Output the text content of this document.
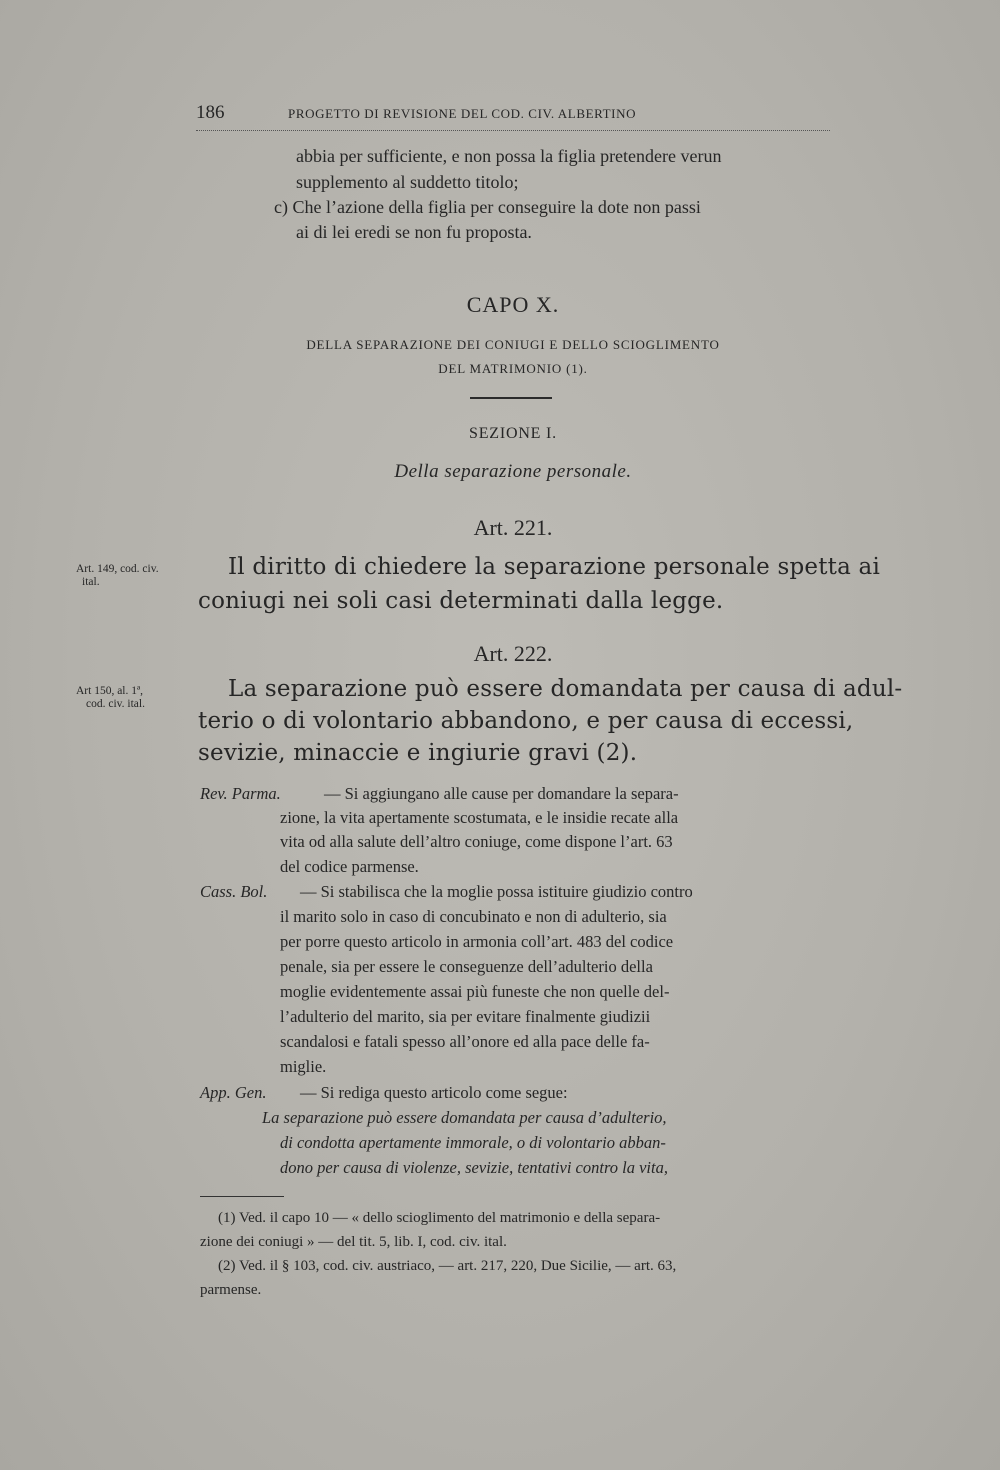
186	PROGETTO DI REVISIONE DEL COD. CIV. ALBERTINO
abbia per sufficiente, e non possa la figlia pretendere verun
supplemento al suddetto titolo;
c) Che l’azione della figlia per conseguire la dote non passi
ai di lei eredi se non fu proposta.
CAPO X.
DELLA SEPARAZIONE DEI CONIUGI E DELLO SCIOGLIMENTO
DEL MATRIMONIO (1).
SEZIONE I.
Della separazione personale.
Art. 221.
Art. 149, cod. civ.
ital.
Il diritto di chiedere la separazione personale spetta ai
coniugi nei soli casi determinati dalla legge.
Art. 222.
Art 150, al. 1ª,
cod. civ. ital.
La separazione può essere domandata per causa di adul-
terio o di volontario abbandono, e per causa di eccessi,
sevizie, minaccie e ingiurie gravi (2).
Rev. Parma.	— Si aggiungano alle cause per domandare la separa-
zione, la vita apertamente scostumata, e le insidie recate alla
vita od alla salute dell’altro coniuge, come dispone l’art. 63
del codice parmense.
Cass. Bol. — Si stabilisca che la moglie possa istituire giudizio contro
il marito solo in caso di concubinato e non di adulterio, sia
per porre questo articolo in armonia coll’art. 483 del codice
penale, sia per essere le conseguenze dell’adulterio della
moglie evidentemente assai più funeste che non quelle del-
l’adulterio del marito, sia per evitare finalmente giudizii
scandalosi e fatali spesso all’onore ed alla pace delle fa-
miglie.
App. Gen. — Si rediga questo articolo come segue:
La separazione può essere domandata per causa d’adulterio,
di condotta apertamente immorale, o di volontario abban-
dono per causa di violenze, sevizie, tentativi contro la vita,
(1) Ved. il capo 10 — « dello scioglimento del matrimonio e della separa-
zione dei coniugi » — del tit. 5, lib. I, cod. civ. ital.
(2) Ved. il § 103, cod. civ. austriaco, — art. 217, 220, Due Sicilie, — art. 63,
parmense.
